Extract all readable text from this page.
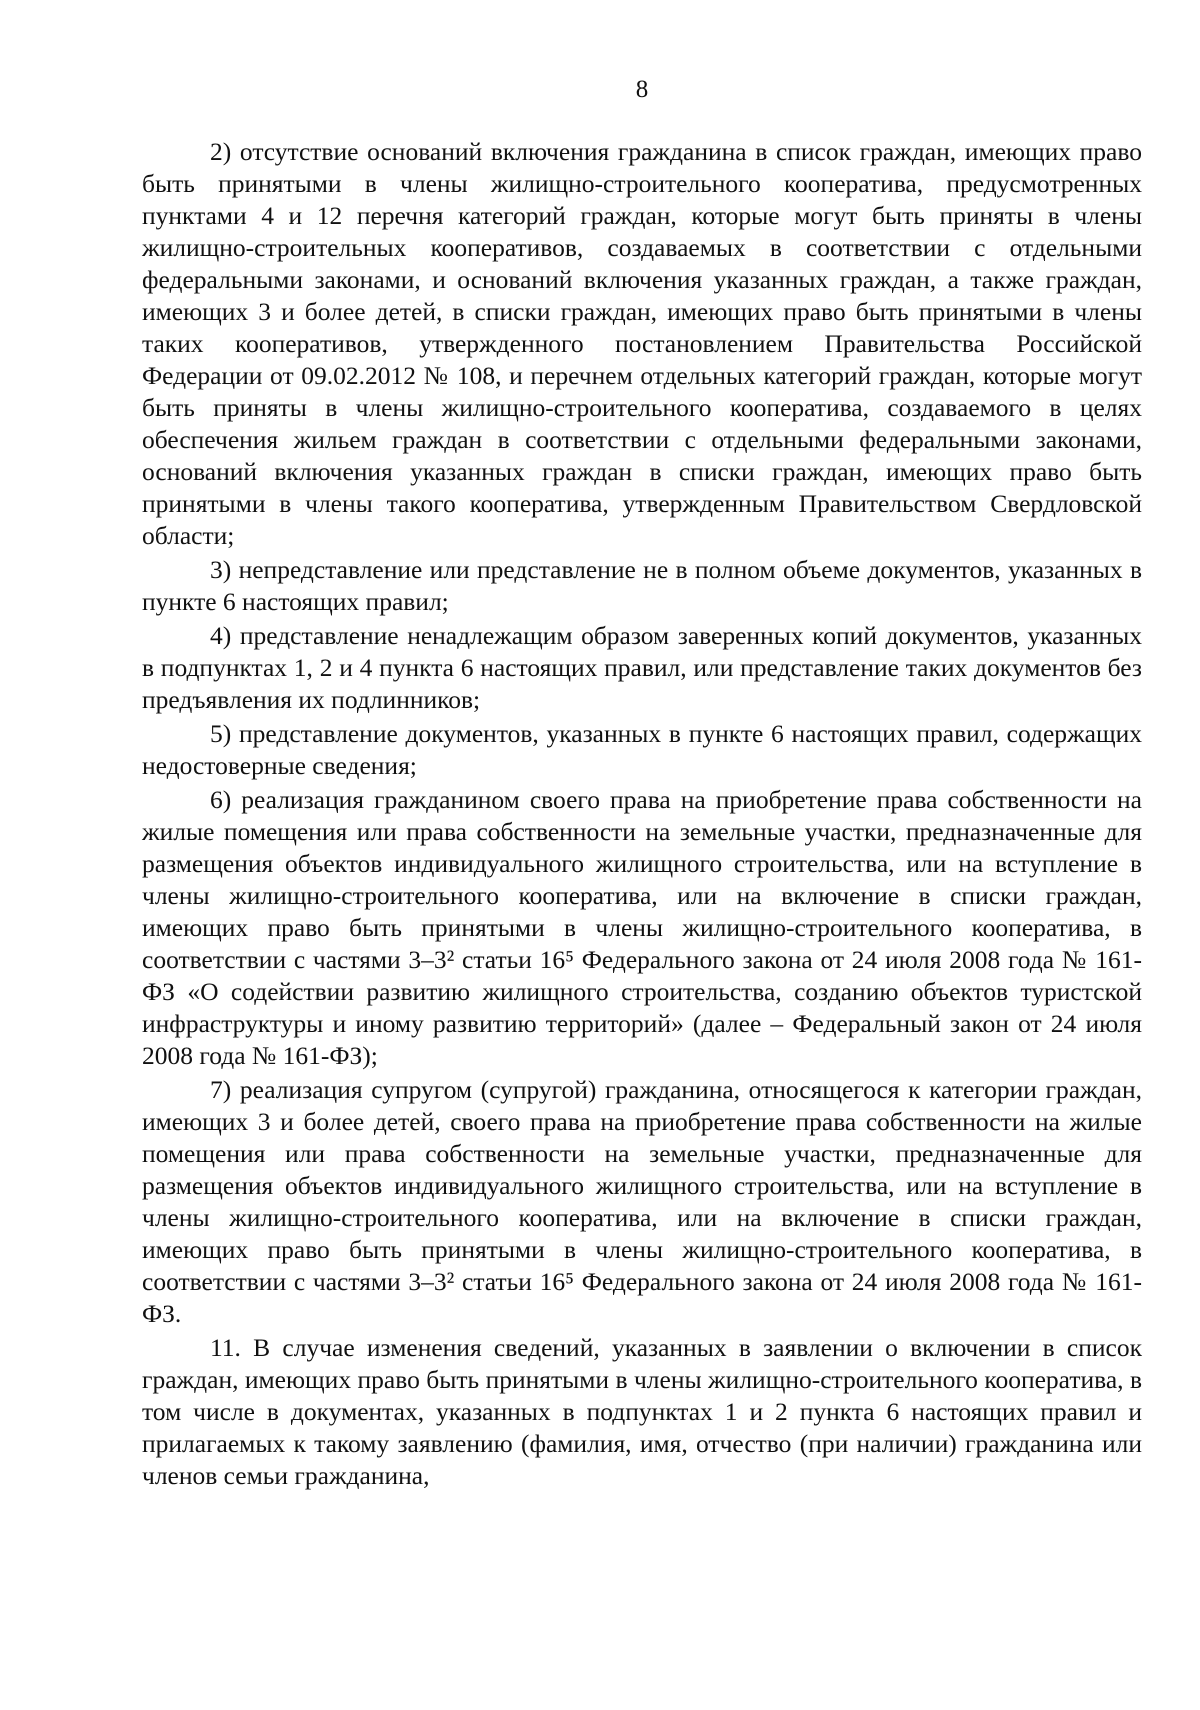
8

2) отсутствие оснований включения гражданина в список граждан, имеющих право быть принятыми в члены жилищно-строительного кооператива, предусмотренных пунктами 4 и 12 перечня категорий граждан, которые могут быть приняты в члены жилищно-строительных кооперативов, создаваемых в соответствии с отдельными федеральными законами, и оснований включения указанных граждан, а также граждан, имеющих 3 и более детей, в списки граждан, имеющих право быть принятыми в члены таких кооперативов, утвержденного постановлением Правительства Российской Федерации от 09.02.2012 № 108, и перечнем отдельных категорий граждан, которые могут быть приняты в члены жилищно-строительного кооператива, создаваемого в целях обеспечения жильем граждан в соответствии с отдельными федеральными законами, оснований включения указанных граждан в списки граждан, имеющих право быть принятыми в члены такого кооператива, утвержденным Правительством Свердловской области;

3) непредставление или представление не в полном объеме документов, указанных в пункте 6 настоящих правил;

4) представление ненадлежащим образом заверенных копий документов, указанных в подпунктах 1, 2 и 4 пункта 6 настоящих правил, или представление таких документов без предъявления их подлинников;

5) представление документов, указанных в пункте 6 настоящих правил, содержащих недостоверные сведения;

6) реализация гражданином своего права на приобретение права собственности на жилые помещения или права собственности на земельные участки, предназначенные для размещения объектов индивидуального жилищного строительства, или на вступление в члены жилищно-строительного кооператива, или на включение в списки граждан, имеющих право быть принятыми в члены жилищно-строительного кооператива, в соответствии с частями 3–3² статьи 16⁵ Федерального закона от 24 июля 2008 года № 161-ФЗ «О содействии развитию жилищного строительства, созданию объектов туристской инфраструктуры и иному развитию территорий» (далее – Федеральный закон от 24 июля 2008 года № 161-ФЗ);

7) реализация супругом (супругой) гражданина, относящегося к категории граждан, имеющих 3 и более детей, своего права на приобретение права собственности на жилые помещения или права собственности на земельные участки, предназначенные для размещения объектов индивидуального жилищного строительства, или на вступление в члены жилищно-строительного кооператива, или на включение в списки граждан, имеющих право быть принятыми в члены жилищно-строительного кооператива, в соответствии с частями 3–3² статьи 16⁵ Федерального закона от 24 июля 2008 года № 161-ФЗ.

11. В случае изменения сведений, указанных в заявлении о включении в список граждан, имеющих право быть принятыми в члены жилищно-строительного кооператива, в том числе в документах, указанных в подпунктах 1 и 2 пункта 6 настоящих правил и прилагаемых к такому заявлению (фамилия, имя, отчество (при наличии) гражданина или членов семьи гражданина,
